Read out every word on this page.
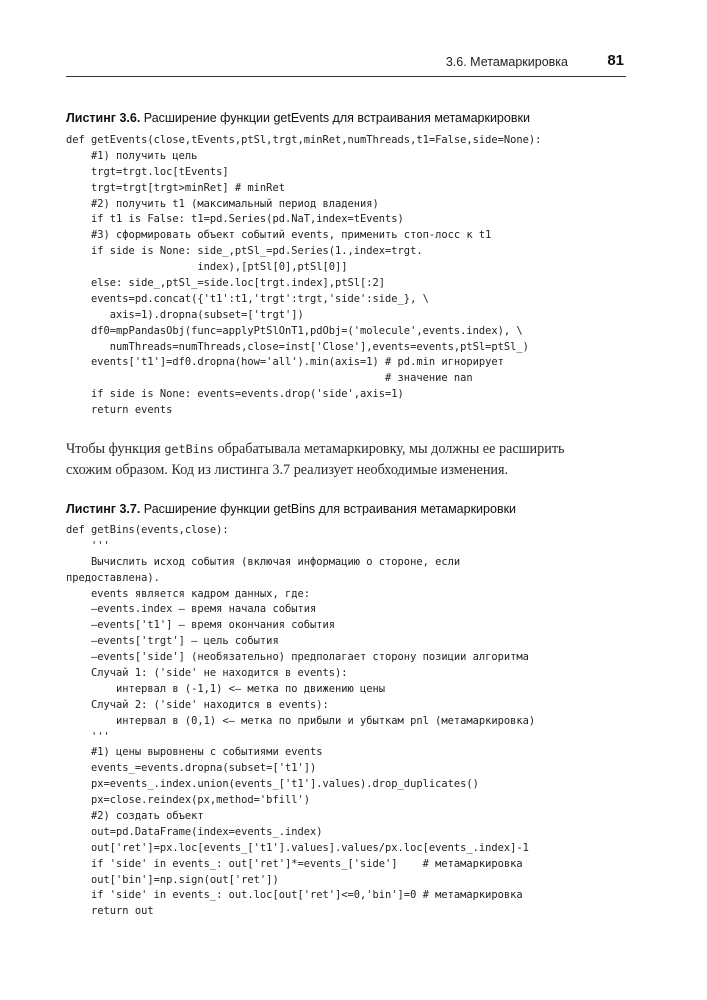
3.6. Метамаркировка	81
Листинг 3.6. Расширение функции getEvents для встраивания метамаркировки
def getEvents(close,tEvents,ptSl,trgt,minRet,numThreads,t1=False,side=None):
#1) получить цель
trgt=trgt.loc[tEvents]
trgt=trgt[trgt>minRet] # minRet
#2) получить t1 (максимальный период владения)
if t1 is False: t1=pd.Series(pd.NaT,index=tEvents)
#3) сформировать объект событий events, применить стоп-лосс к t1
if side is None: side_,ptSl_=pd.Series(1.,index=trgt.
index),[ptSl[0],ptSl[0]]
else: side_,ptSl_=side.loc[trgt.index],ptSl[:2]
events=pd.concat({'t1':t1,'trgt':trgt,'side':side_}, \
axis=1).dropna(subset=['trgt'])
df0=mpPandasObj(func=applyPtSlOnT1,pdObj=('molecule',events.index), \
numThreads=numThreads,close=inst['Close'],events=events,ptSl=ptSl_)
events['t1']=df0.dropna(how='all').min(axis=1) # pd.min игнорирует
# значение nan
if side is None: events=events.drop('side',axis=1)
return events
Чтобы функция getBins обрабатывала метамаркировку, мы должны ее расширить
схожим образом. Код из листинга 3.7 реализует необходимые изменения.
Листинг 3.7. Расширение функции getBins для встраивания метамаркировки
def getBins(events,close):
'''
Вычислить исход события (включая информацию о стороне, если
предоставлена).
events является кадром данных, где:
—events.index — время начала события
—events['t1'] — время окончания события
—events['trgt'] — цель события
—events['side'] (необязательно) предполагает сторону позиции алгоритма
Случай 1: ('side' не находится в events):
интервал в (-1,1) <— метка по движению цены
Случай 2: ('side' находится в events):
интервал в (0,1) <— метка по прибыли и убыткам pnl (метамаркировка)
'''
#1) цены выровнены с событиями events
events_=events.dropna(subset=['t1'])
px=events_.index.union(events_['t1'].values).drop_duplicates()
px=close.reindex(px,method='bfill')
#2) создать объект
out=pd.DataFrame(index=events_.index)
out['ret']=px.loc[events_['t1'].values].values/px.loc[events_.index]-1
if 'side' in events_: out['ret']*=events_['side']    # метамаркировка
out['bin']=np.sign(out['ret'])
if 'side' in events_: out.loc[out['ret']<=0,'bin']=0 # метамаркировка
return out
